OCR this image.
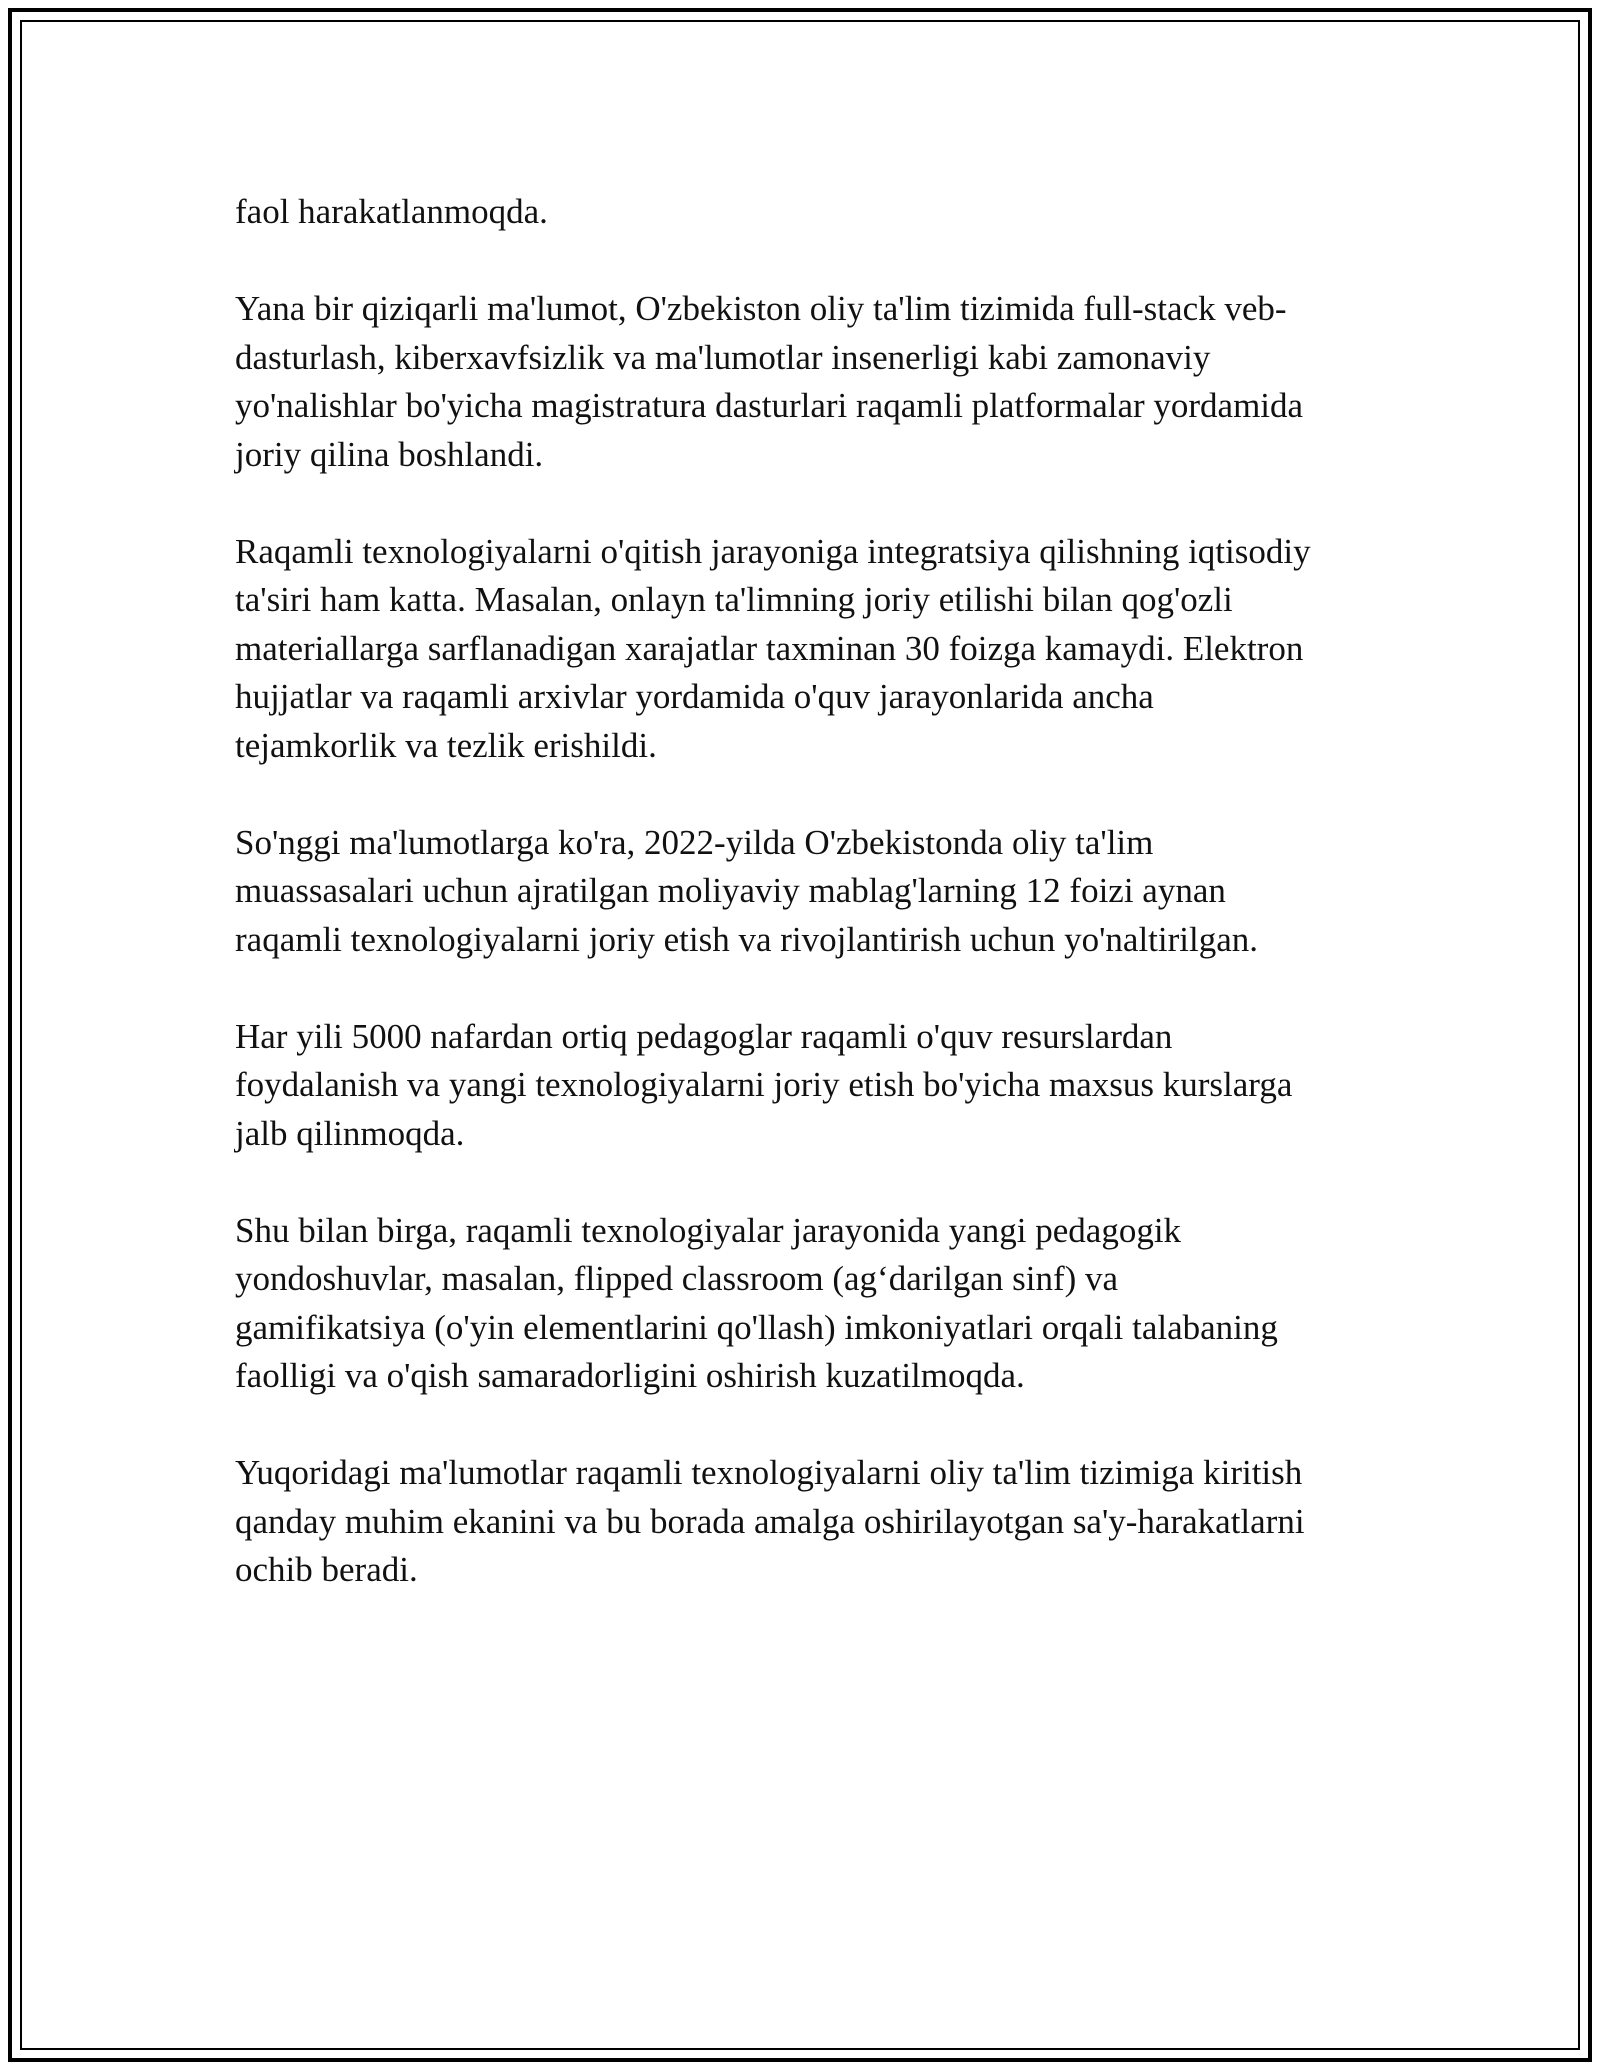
faol harakatlanmoqda.

Yana bir qiziqarli ma'lumot, O'zbekiston oliy ta'lim tizimida full-stack veb-
dasturlash, kiberxavfsizlik va ma'lumotlar insenerligi kabi zamonaviy
yo'nalishlar bo'yicha magistratura dasturlari raqamli platformalar yordamida
joriy qilina boshlandi.

Raqamli texnologiyalarni o'qitish jarayoniga integratsiya qilishning iqtisodiy
ta'siri ham katta. Masalan, onlayn ta'limning joriy etilishi bilan qog'ozli
materiallarga sarflanadigan xarajatlar taxminan 30 foizga kamaydi. Elektron
hujjatlar va raqamli arxivlar yordamida o'quv jarayonlarida ancha
tejamkorlik va tezlik erishildi.

So'nggi ma'lumotlarga ko'ra, 2022-yilda O'zbekistonda oliy ta'lim
muassasalari uchun ajratilgan moliyaviy mablag'larning 12 foizi aynan
raqamli texnologiyalarni joriy etish va rivojlantirish uchun yo'naltirilgan.

Har yili 5000 nafardan ortiq pedagoglar raqamli o'quv resurslardan
foydalanish va yangi texnologiyalarni joriy etish bo'yicha maxsus kurslarga
jalb qilinmoqda.

Shu bilan birga, raqamli texnologiyalar jarayonida yangi pedagogik
yondoshuvlar, masalan, flipped classroom (ag‘darilgan sinf) va
gamifikatsiya (o'yin elementlarini qo'llash) imkoniyatlari orqali talabaning
faolligi va o'qish samaradorligini oshirish kuzatilmoqda.

Yuqoridagi ma'lumotlar raqamli texnologiyalarni oliy ta'lim tizimiga kiritish
qanday muhim ekanini va bu borada amalga oshirilayotgan sa'y-harakatlarni
ochib beradi.
